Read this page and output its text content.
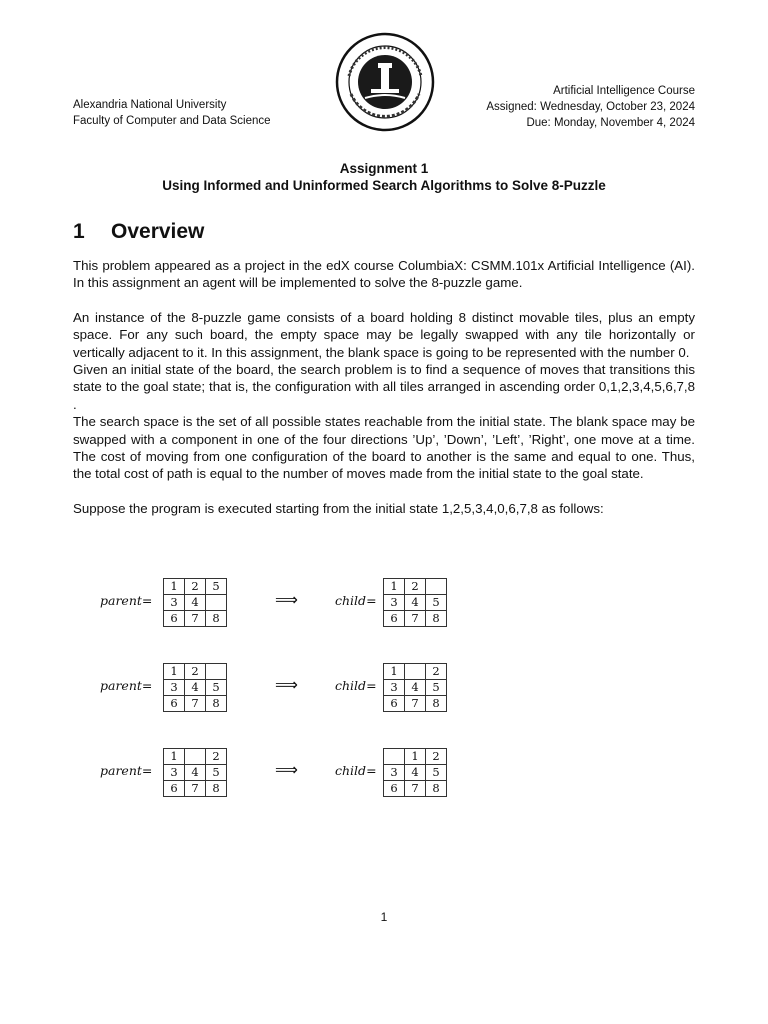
Alexandria National University
Faculty of Computer and Data Science
Artificial Intelligence Course
Assigned: Wednesday, October 23, 2024
Due: Monday, November 4, 2024
Assignment 1
Using Informed and Uninformed Search Algorithms to Solve 8-Puzzle
1 Overview

This problem appeared as a project in the edX course ColumbiaX: CSMM.101x Artificial Intelligence (AI). In this assignment an agent will be implemented to solve the 8-puzzle game.

An instance of the 8-puzzle game consists of a board holding 8 distinct movable tiles, plus an empty space. For any such board, the empty space may be legally swapped with any tile horizontally or vertically adjacent to it. In this assignment, the blank space is going to be represented with the number 0.

Given an initial state of the board, the search problem is to find a sequence of moves that transitions this state to the goal state; that is, the configuration with all tiles arranged in ascending order 0,1,2,3,4,5,6,7,8 .

The search space is the set of all possible states reachable from the initial state. The blank space may be swapped with a component in one of the four directions ’Up’, ’Down’, ’Left’, ’Right’, one move at a time. The cost of moving from one configuration of the board to another is the same and equal to one. Thus, the total cost of path is equal to the number of moves made from the initial state to the goal state.

Suppose the program is executed starting from the initial state 1,2,5,3,4,0,6,7,8 as follows:

parent=
1	2	5
3	4	
6	7	8
⟹	child=
1	2	
3	4	5
6	7	8
parent=
1	2	
3	4	5
6	7	8
⟹	child=
1		2
3	4	5
6	7	8
parent=
1		2
3	4	5
6	7	8
⟹	child=
	1	2
3	4	5
6	7	8
1
